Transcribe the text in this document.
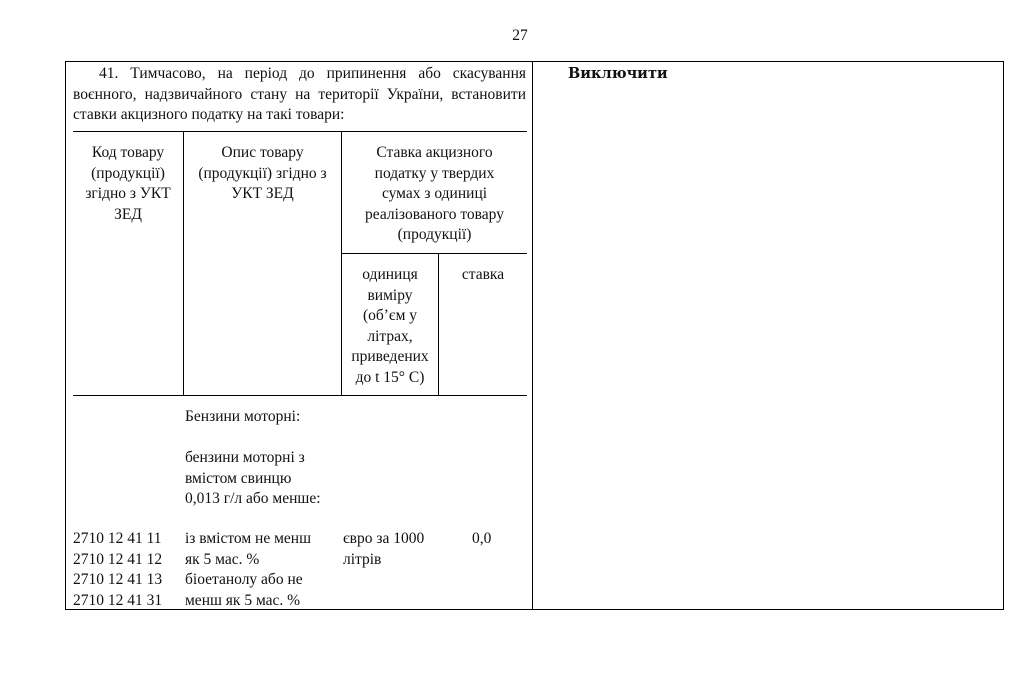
27
41. Тимчасово, на період до припинення або скасування воєнного, надзвичайного стану на території України, встановити ставки акцизного податку на такі товари:
Виключити
Код товару
(продукції)
згідно з УКТ
ЗЕД
Опис товару
(продукції) згідно з
УКТ ЗЕД
Ставка акцизного
податку у твердих
сумах з одиниці
реалізованого товару
(продукції)
одиниця
виміру
(об’єм у
літрах,
приведених
до t 15° С)
ставка
Бензини моторні:
бензини моторні з
вмістом свинцю
0,013 г/л або менше:
2710 12 41 11
2710 12 41 12
2710 12 41 13
2710 12 41 31
із вмістом не менш
як 5 мас. %
біоетанолу або не
менш як 5 мас. %
євро за 1000
літрів
0,0
